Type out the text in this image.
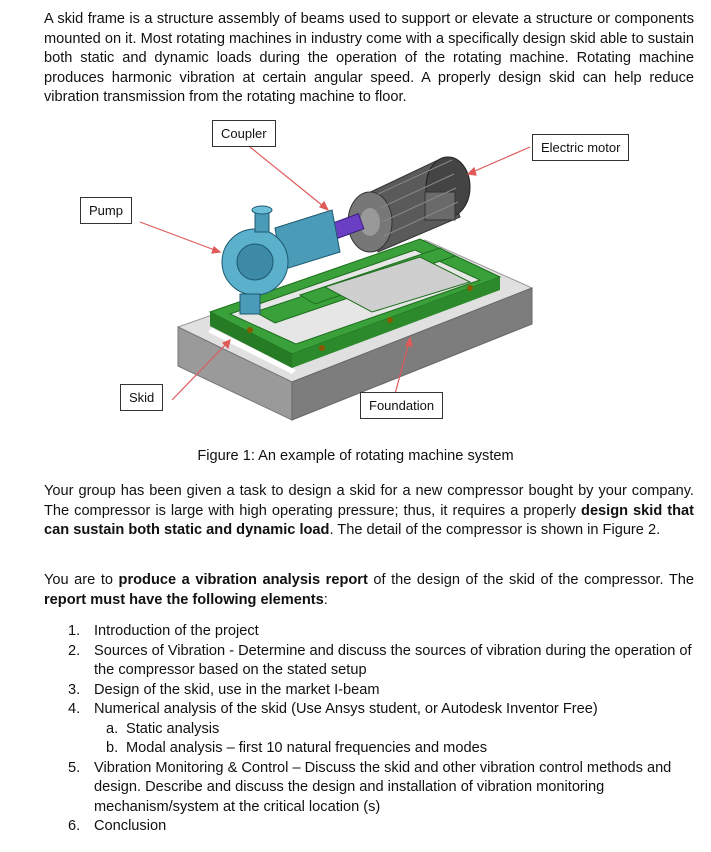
A skid frame is a structure assembly of beams used to support or elevate a structure or components mounted on it. Most rotating machines in industry come with a specifically design skid able to sustain both static and dynamic loads during the operation of the rotating machine. Rotating machine produces harmonic vibration at certain angular speed. A properly design skid can help reduce vibration transmission from the rotating machine to floor.

Coupler
Electric motor
Pump
Skid
Foundation
Figure 1: An example of rotating machine system

Your group has been given a task to design a skid for a new compressor bought by your company. The compressor is large with high operating pressure; thus, it requires a properly design skid that can sustain both static and dynamic load. The detail of the compressor is shown in Figure 2.

You are to produce a vibration analysis report of the design of the skid of the compressor. The report must have the following elements:

1. Introduction of the project
2. Sources of Vibration - Determine and discuss the sources of vibration during the operation of the compressor based on the stated setup
3. Design of the skid, use in the market I-beam
4. Numerical analysis of the skid (Use Ansys student, or Autodesk Inventor Free)
a. Static analysis
b. Modal analysis – first 10 natural frequencies and modes
5. Vibration Monitoring & Control – Discuss the skid and other vibration control methods and design. Describe and discuss the design and installation of vibration monitoring mechanism/system at the critical location (s)
6. Conclusion
